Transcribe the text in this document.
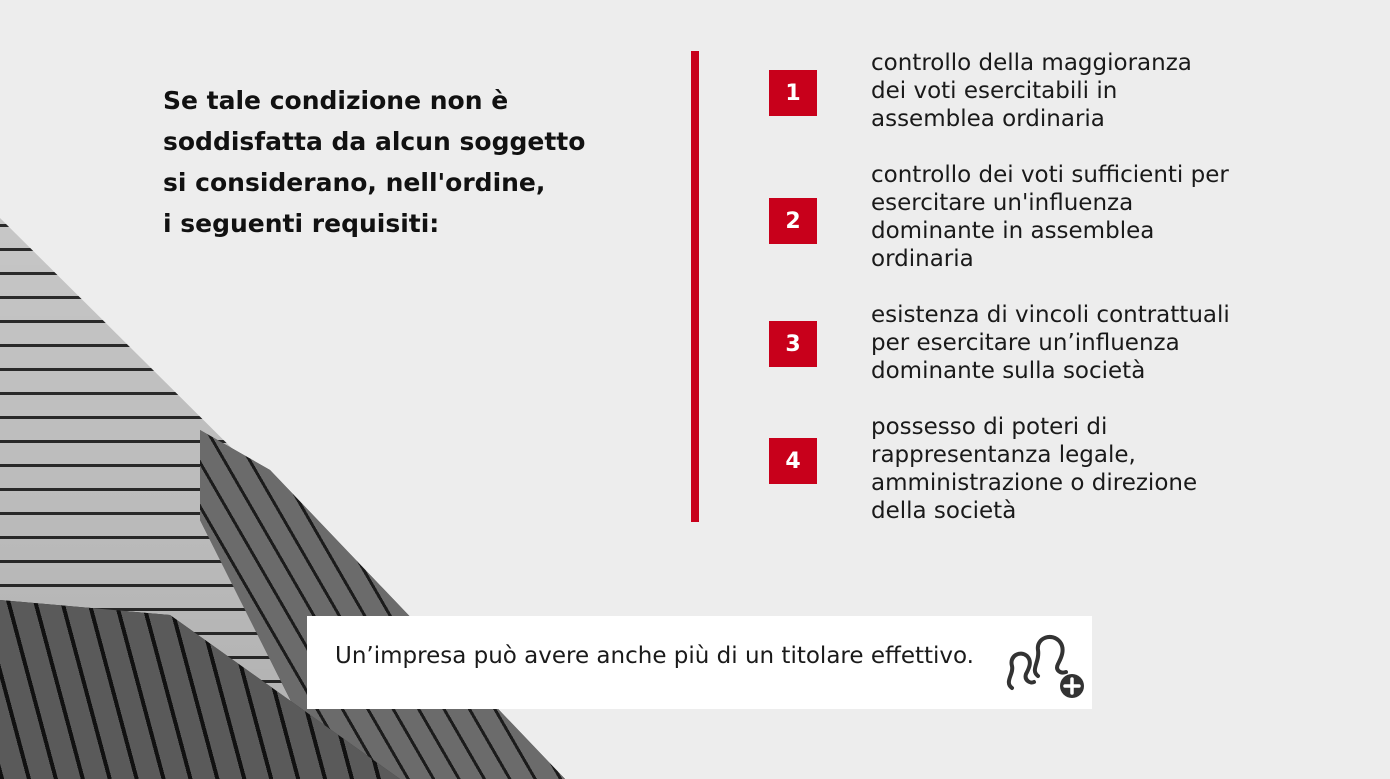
Se tale condizione non è
soddisfatta da alcun soggetto
si considerano, nell'ordine,
i seguenti requisiti:
1
controllo della maggioranza
dei voti esercitabili in
assemblea ordinaria
2
controllo dei voti sufficienti per
esercitare un'influenza
dominante in assemblea
ordinaria
3
esistenza di vincoli contrattuali
per esercitare un’influenza
dominante sulla società
4
possesso di poteri di
rappresentanza legale,
amministrazione o direzione
della società
Un’impresa può avere anche più di un titolare effettivo.
